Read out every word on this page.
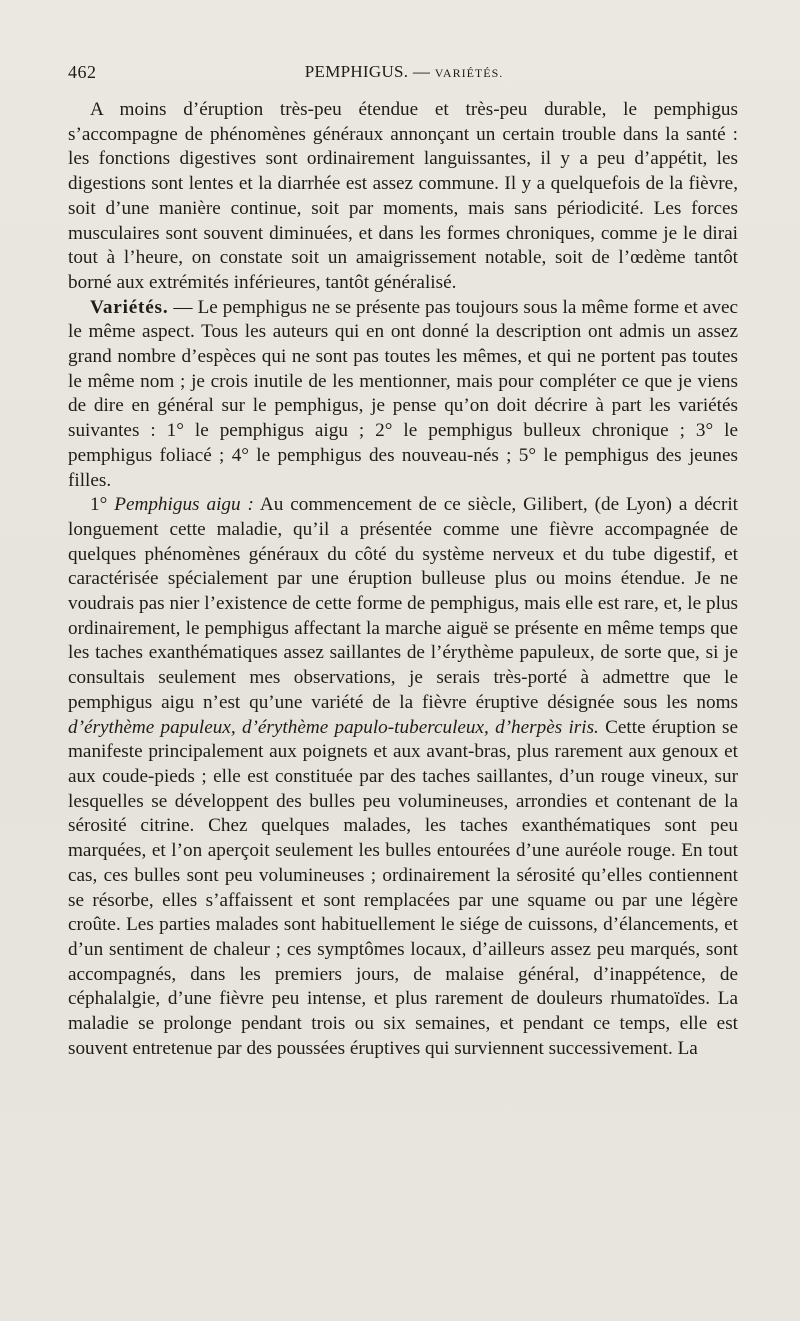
462	PEMPHIGUS. — VARIÉTÉS.

A moins d’éruption très-peu étendue et très-peu durable, le pemphigus s’accompagne de phénomènes généraux annonçant un certain trouble dans la santé : les fonctions digestives sont ordinairement languissantes, il y a peu d’appétit, les digestions sont lentes et la diarrhée est assez commune. Il y a quelquefois de la fièvre, soit d’une manière continue, soit par moments, mais sans périodicité. Les forces musculaires sont souvent diminuées, et dans les formes chroniques, comme je le dirai tout à l’heure, on constate soit un amaigrissement notable, soit de l’œdème tantôt borné aux extrémités inférieures, tantôt généralisé.

Variétés. — Le pemphigus ne se présente pas toujours sous la même forme et avec le même aspect. Tous les auteurs qui en ont donné la description ont admis un assez grand nombre d’espèces qui ne sont pas toutes les mêmes, et qui ne portent pas toutes le même nom ; je crois inutile de les mentionner, mais pour compléter ce que je viens de dire en général sur le pemphigus, je pense qu’on doit décrire à part les variétés suivantes : 1° le pemphigus aigu ; 2° le pemphigus bulleux chronique ; 3° le pemphigus foliacé ; 4° le pemphigus des nouveau-nés ; 5° le pemphigus des jeunes filles.

1° Pemphigus aigu : Au commencement de ce siècle, Gilibert, (de Lyon) a décrit longuement cette maladie, qu’il a présentée comme une fièvre accompagnée de quelques phénomènes généraux du côté du système nerveux et du tube digestif, et caractérisée spécialement par une éruption bulleuse plus ou moins étendue. Je ne voudrais pas nier l’existence de cette forme de pemphigus, mais elle est rare, et, le plus ordinairement, le pemphigus affectant la marche aiguë se présente en même temps que les taches exanthématiques assez saillantes de l’érythème papuleux, de sorte que, si je consultais seulement mes observations, je serais très-porté à admettre que le pemphigus aigu n’est qu’une variété de la fièvre éruptive désignée sous les noms d’érythème papuleux, d’érythème papulo-tuberculeux, d’herpès iris. Cette éruption se manifeste principalement aux poignets et aux avant-bras, plus rarement aux genoux et aux coude-pieds ; elle est constituée par des taches saillantes, d’un rouge vineux, sur lesquelles se développent des bulles peu volumineuses, arrondies et contenant de la sérosité citrine. Chez quelques malades, les taches exanthématiques sont peu marquées, et l’on aperçoit seulement les bulles entourées d’une auréole rouge. En tout cas, ces bulles sont peu volumineuses ; ordinairement la sérosité qu’elles contiennent se résorbe, elles s’affaissent et sont remplacées par une squame ou par une légère croûte. Les parties malades sont habituellement le siége de cuissons, d’élancements, et d’un sentiment de chaleur ; ces symptômes locaux, d’ailleurs assez peu marqués, sont accompagnés, dans les premiers jours, de malaise général, d’inappétence, de céphalalgie, d’une fièvre peu intense, et plus rarement de douleurs rhumatoïdes. La maladie se prolonge pendant trois ou six semaines, et pendant ce temps, elle est souvent entretenue par des poussées éruptives qui surviennent successivement. La
